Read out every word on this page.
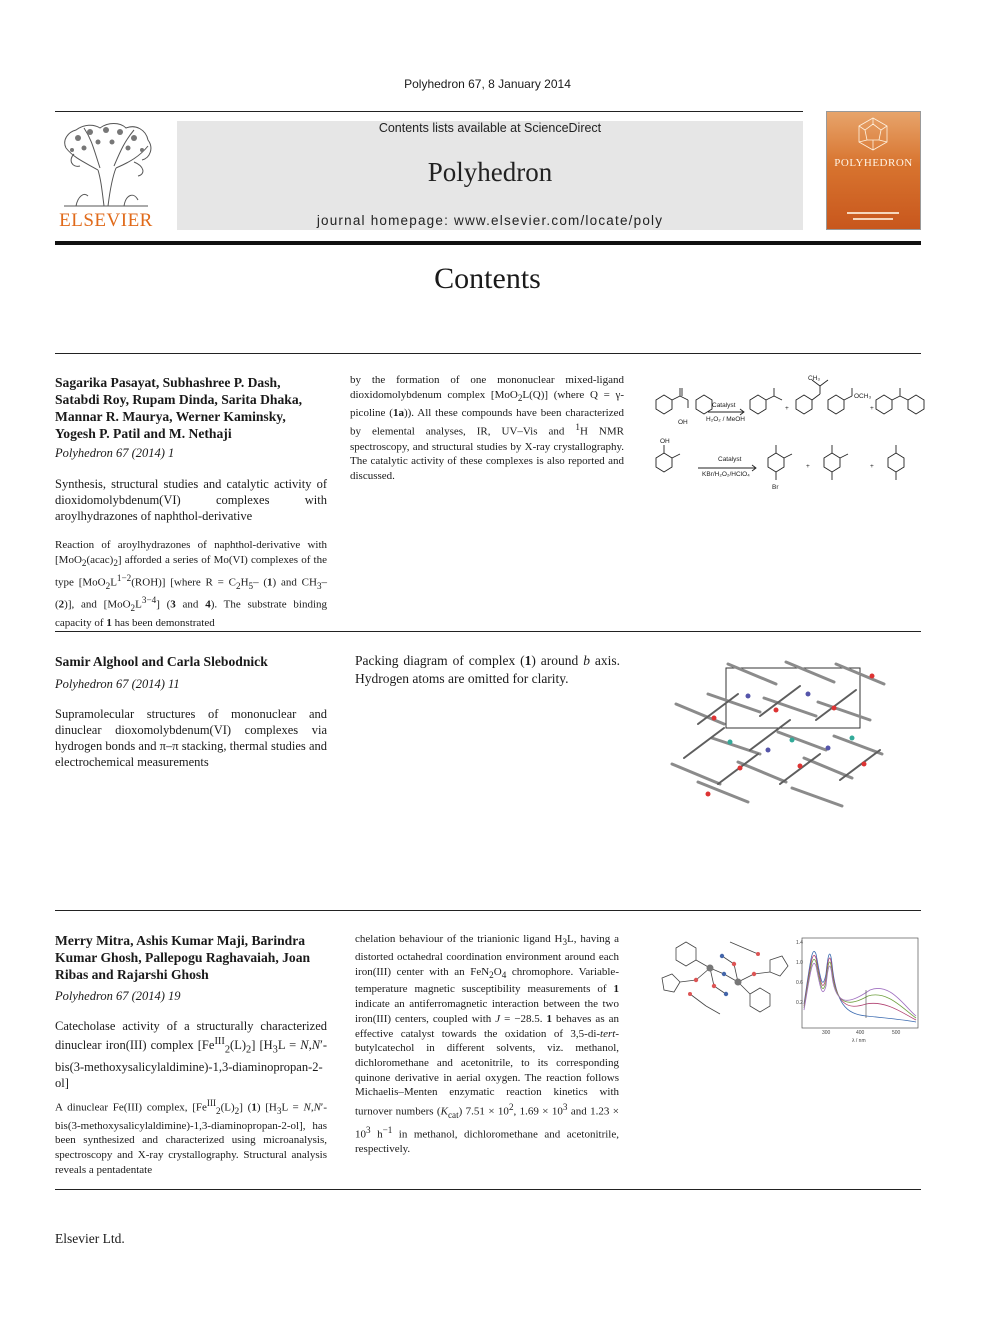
Polyhedron 67, 8 January 2014
ELSEVIER
Contents lists available at ScienceDirect
Polyhedron
journal homepage: www.elsevier.com/locate/poly
POLYHEDRON
Contents
Sagarika Pasayat, Subhashree P. Dash, Satabdi Roy, Rupam Dinda, Sarita Dhaka, Mannar R. Maurya, Werner Kaminsky, Yogesh P. Patil and M. Nethaji
Polyhedron 67 (2014) 1
Synthesis, structural studies and catalytic activity of dioxidomolybdenum(VI) complexes with aroylhydrazones of naphthol-derivative
Reaction of aroylhydrazones of naphthol-derivative with $[MoO_2(acac)_2]$ afforded a series of Mo(VI) complexes of the type $[MoO_2L^{1-2}(ROH)]$ [where $R = C_2H_5-$ (1) and $CH_3-$ (2)], and $[MoO_2L^{3-4}]$ (3 and 4). The substrate binding capacity of 1 has been demonstrated
by the formation of one mononuclear mixed-ligand dioxidomolybdenum complex [MoO$_2$L(Q)] (where Q = γ-picoline (1a)). All these compounds have been characterized by elemental analyses, IR, UV–Vis and $^1$H NMR spectroscopy, and structural studies by X-ray crystallography. The catalytic activity of these complexes is also reported and discussed.
Catalyst
H₂O₂ / MeOH
OH
OCH₃
CH₃
Catalyst
KBr/H₂O₂/HClO₄
OH
Br
+	+
+	+
Samir Alghool and Carla Slebodnick
Polyhedron 67 (2014) 11
Supramolecular structures of mononuclear and dinuclear dioxomolybdenum(VI) complexes via hydrogen bonds and π–π stacking, thermal studies and electrochemical measurements
Packing diagram of complex (1) around b axis. Hydrogen atoms are omitted for clarity.
Merry Mitra, Ashis Kumar Maji, Barindra Kumar Ghosh, Pallepogu Raghavaiah, Joan Ribas and Rajarshi Ghosh
Polyhedron 67 (2014) 19
Catecholase activity of a structurally characterized dinuclear iron(III) complex $[Fe^{III}_2(L)_2] [H_3L$ = N,N′-bis(3-methoxysalicylaldimine)-1,3-diaminopropan-2-ol]
A dinuclear Fe(III) complex, $[Fe^{III}_2(L)_2]$ (1) [$H_3L$ = N,N′-bis(3-methoxysalicylaldimine)-1,3-diaminopropan-2-ol], has been synthesized and characterized using microanalysis, spectroscopy and X-ray crystallography. Structural analysis reveals a pentadentate
chelation behaviour of the trianionic ligand $H_3L$, having a distorted octahedral coordination environment around each iron(III) center with an $FeN_2O_4$ chromophore. Variable-temperature magnetic susceptibility measurements of 1 indicate an antiferromagnetic interaction between the two iron(III) centers, coupled with J = −28.5. 1 behaves as an effective catalyst towards the oxidation of 3,5-di-tert-butylcatechol in different solvents, viz. methanol, dichloromethane and acetonitrile, to its corresponding quinone derivative in aerial oxygen. The reaction follows Michaelis–Menten enzymatic reaction kinetics with turnover numbers $(K_{cat}) 7.51 \times 10^2$, $1.69 \times 10^3$ and $1.23 \times 10^3$ $h^{-1}$ in methanol, dichloromethane and acetonitrile, respectively.
1.4
1.0
0.6
0.2
300	400	500
λ / nm
Elsevier Ltd.
